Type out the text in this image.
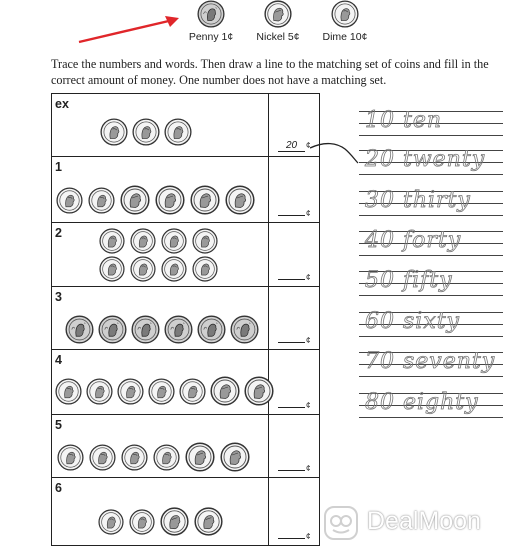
Penny 1¢	Nickel 5¢	Dime 10¢
Trace the numbers and words. Then draw a line to the matching set of coins and fill in the correct amount of money. One number does not have a matching set.
ex
20 ¢
1
¢
2
¢
3
¢
4
¢
5
¢
6
¢
10 ten
20 twenty
30 thirty
40 forty
50 fifty
60 sixty
70 seventy
80 eighty
DealMoon
